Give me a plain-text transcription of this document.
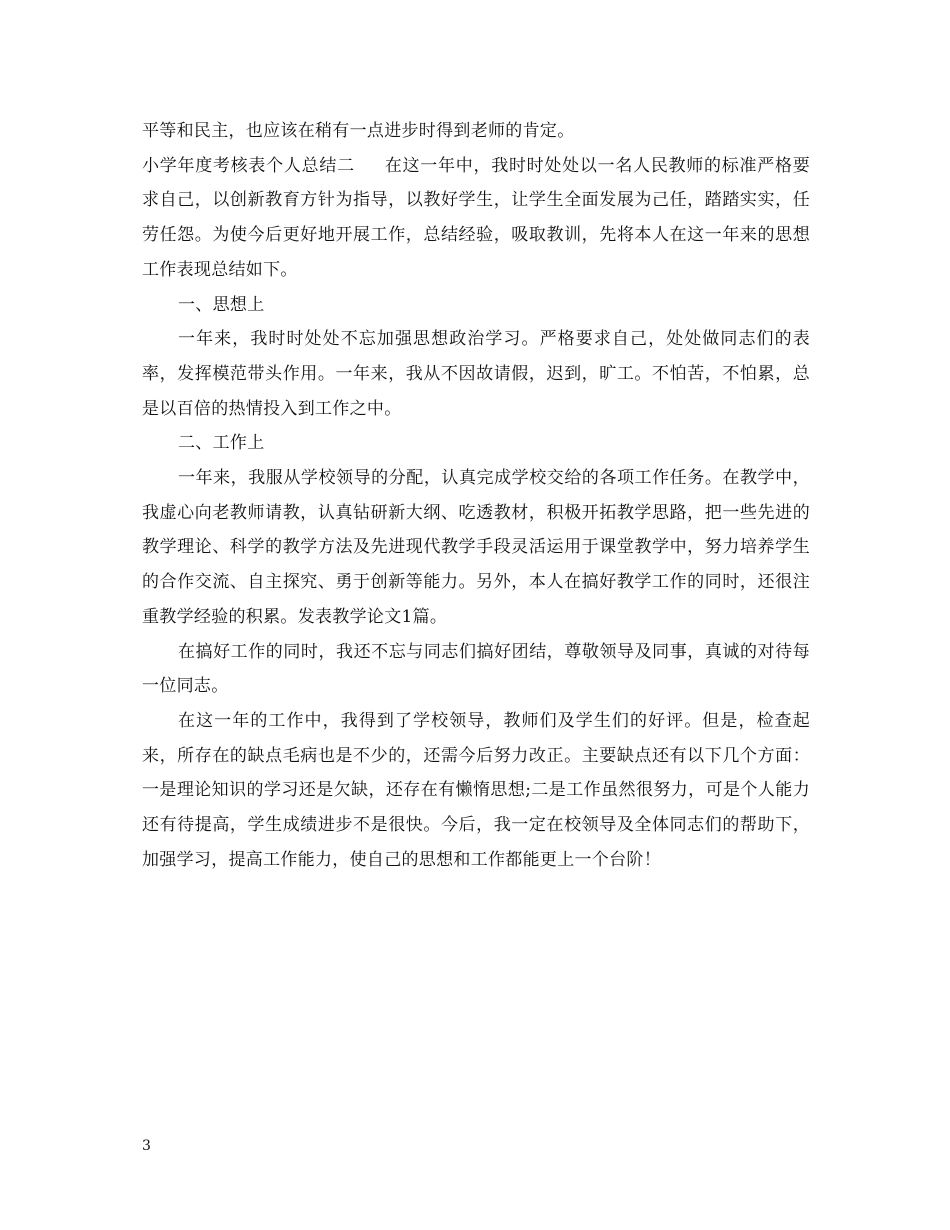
平等和民主，也应该在稍有一点进步时得到老师的肯定。

小学年度考核表个人总结二 在这一年中，我时时处处以一名人民教师的标准严格要求自己，以创新教育方针为指导，以教好学生，让学生全面发展为己任，踏踏实实，任劳任怨。为使今后更好地开展工作，总结经验，吸取教训，先将本人在这一年来的思想工作表现总结如下。

一、思想上

一年来，我时时处处不忘加强思想政治学习。严格要求自己，处处做同志们的表率，发挥模范带头作用。一年来，我从不因故请假，迟到，旷工。不怕苦，不怕累，总是以百倍的热情投入到工作之中。

二、工作上

一年来，我服从学校领导的分配，认真完成学校交给的各项工作任务。在教学中，我虚心向老教师请教，认真钻研新大纲、吃透教材，积极开拓教学思路，把一些先进的教学理论、科学的教学方法及先进现代教学手段灵活运用于课堂教学中，努力培养学生的合作交流、自主探究、勇于创新等能力。另外，本人在搞好教学工作的同时，还很注重教学经验的积累。发表教学论文1篇。

在搞好工作的同时，我还不忘与同志们搞好团结，尊敬领导及同事，真诚的对待每一位同志。

在这一年的工作中，我得到了学校领导，教师们及学生们的好评。但是，检查起来，所存在的缺点毛病也是不少的，还需今后努力改正。主要缺点还有以下几个方面：一是理论知识的学习还是欠缺，还存在有懒惰思想;二是工作虽然很努力，可是个人能力还有待提高，学生成绩进步不是很快。今后，我一定在校领导及全体同志们的帮助下，加强学习，提高工作能力，使自己的思想和工作都能更上一个台阶！

3
